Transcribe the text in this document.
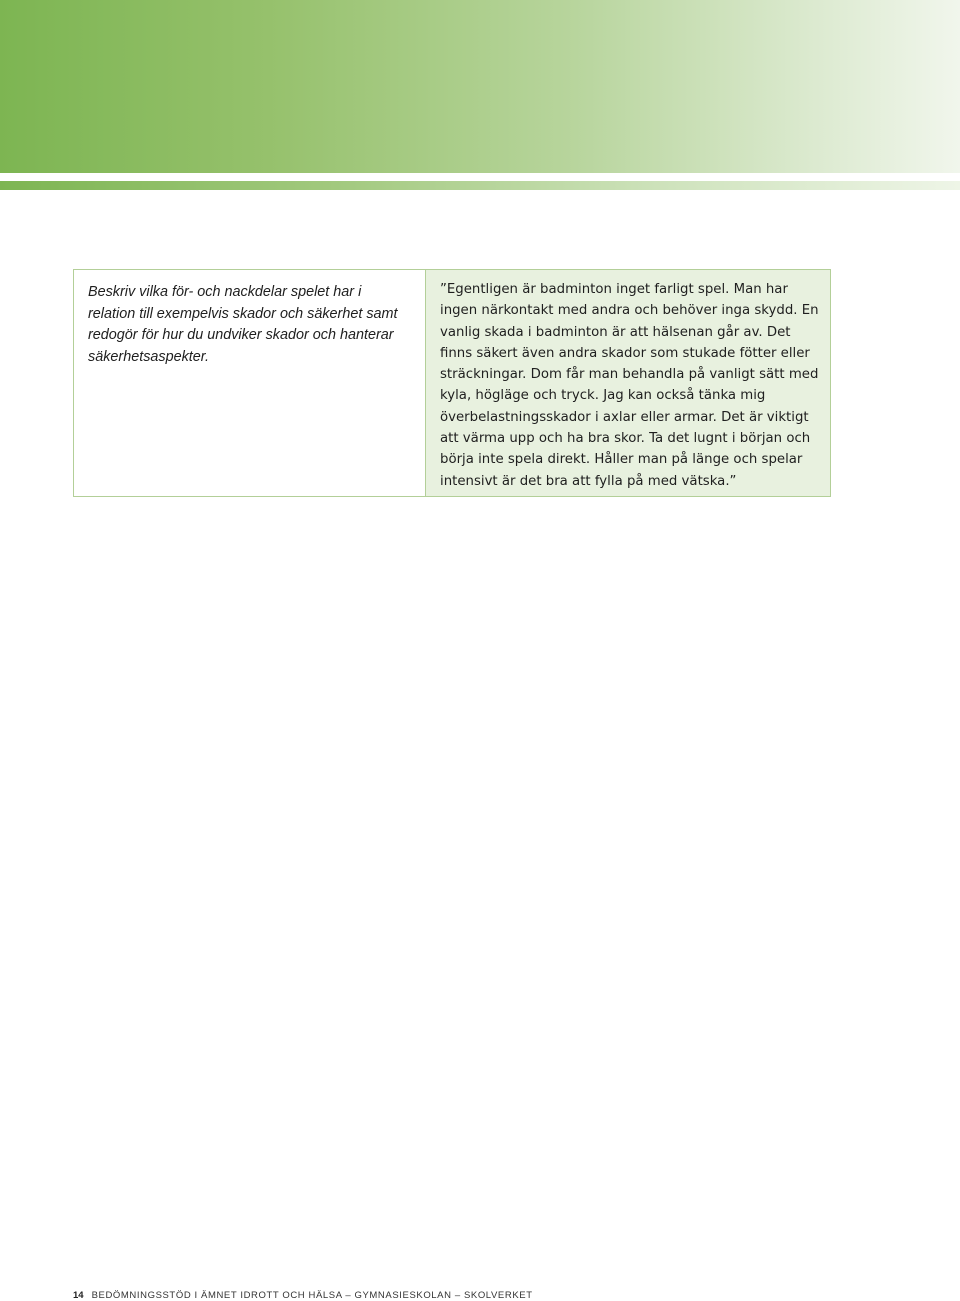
Beskriv vilka för- och nackdelar spelet har i relation till exempelvis skador och säkerhet samt redogör för hur du undviker skador och hanterar säkerhetsaspekter.
”Egentligen är badminton inget farligt spel. Man har ingen närkontakt med andra och behöver inga skydd. En vanlig skada i badminton är att hälsenan går av. Det finns säkert även andra skador som stukade fötter eller sträckningar. Dom får man behandla på vanligt sätt med kyla, högläge och tryck. Jag kan också tänka mig överbelastningsskador i axlar eller armar. Det är viktigt att värma upp och ha bra skor. Ta det lugnt i början och börja inte spela direkt. Håller man på länge och spelar intensivt är det bra att fylla på med vätska.”
14 BEDÖMNINGSSTÖD I ÄMNET IDROTT OCH HÄLSA – GYMNASIESKOLAN – SKOLVERKET
